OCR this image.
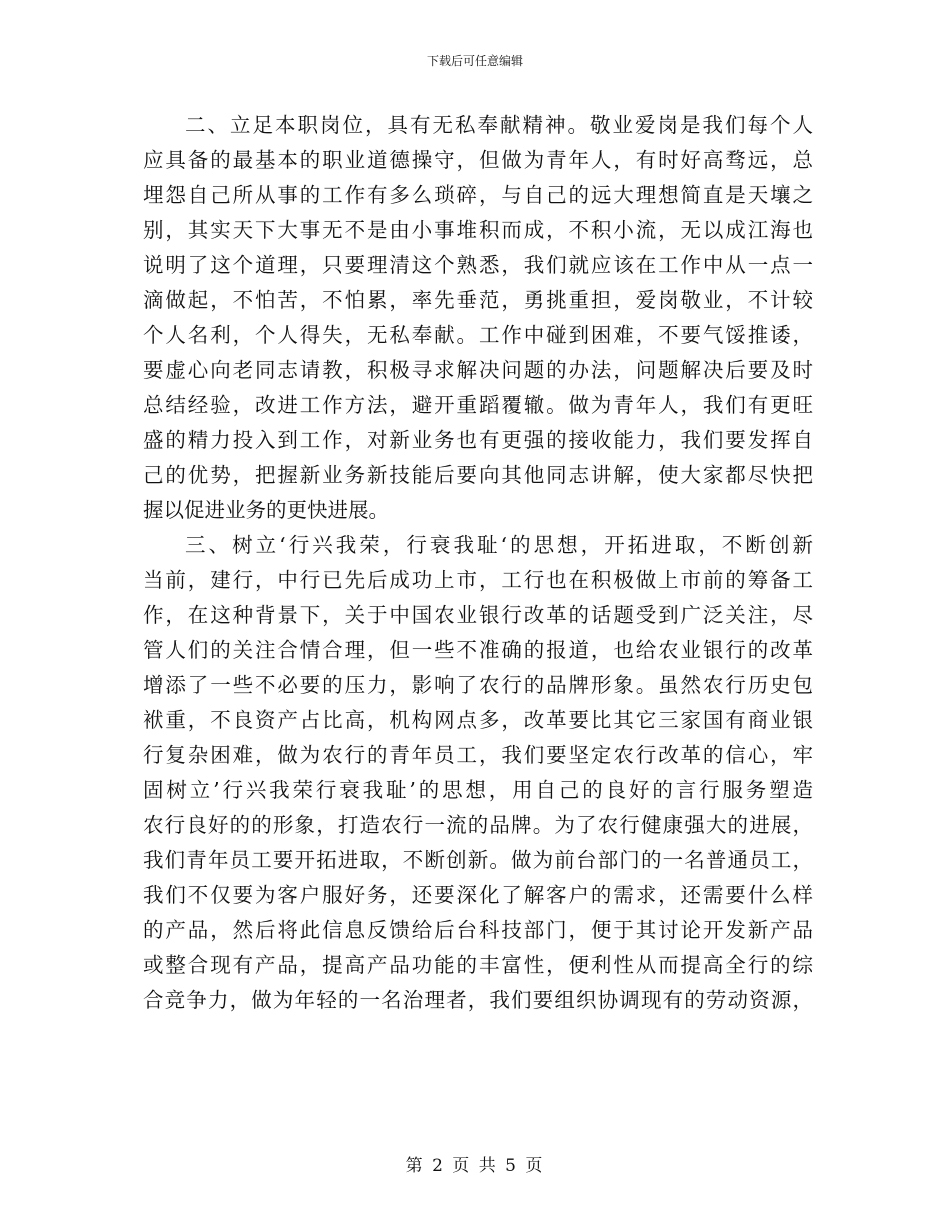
下载后可任意编辑
二、立足本职岗位，具有无私奉献精神。敬业爱岗是我们每个人
应具备的最基本的职业道德操守，但做为青年人，有时好高骛远，总
埋怨自己所从事的工作有多么琐碎，与自己的远大理想简直是天壤之
别，其实天下大事无不是由小事堆积而成，不积小流，无以成江海也
说明了这个道理，只要理清这个熟悉，我们就应该在工作中从一点一
滴做起，不怕苦，不怕累，率先垂范，勇挑重担，爱岗敬业，不计较
个人名利，个人得失，无私奉献。工作中碰到困难，不要气馁推诿，
要虚心向老同志请教，积极寻求解决问题的办法，问题解决后要及时
总结经验，改进工作方法，避开重蹈覆辙。做为青年人，我们有更旺
盛的精力投入到工作，对新业务也有更强的接收能力，我们要发挥自
己的优势，把握新业务新技能后要向其他同志讲解，使大家都尽快把
握以促进业务的更快进展。
三、树立‘行兴我荣，行衰我耻‘的思想，开拓进取，不断创新
当前，建行，中行已先后成功上市，工行也在积极做上市前的筹备工
作，在这种背景下，关于中国农业银行改革的话题受到广泛关注，尽
管人们的关注合情合理，但一些不准确的报道，也给农业银行的改革
增添了一些不必要的压力，影响了农行的品牌形象。虽然农行历史包
袱重，不良资产占比高，机构网点多，改革要比其它三家国有商业银
行复杂困难，做为农行的青年员工，我们要坚定农行改革的信心，牢
固树立’行兴我荣行衰我耻’的思想，用自己的良好的言行服务塑造
农行良好的的形象，打造农行一流的品牌。为了农行健康强大的进展，
我们青年员工要开拓进取，不断创新。做为前台部门的一名普通员工，
我们不仅要为客户服好务，还要深化了解客户的需求，还需要什么样
的产品，然后将此信息反馈给后台科技部门，便于其讨论开发新产品
或整合现有产品，提高产品功能的丰富性，便利性从而提高全行的综
合竞争力，做为年轻的一名治理者，我们要组织协调现有的劳动资源，
第 2 页 共 5 页
